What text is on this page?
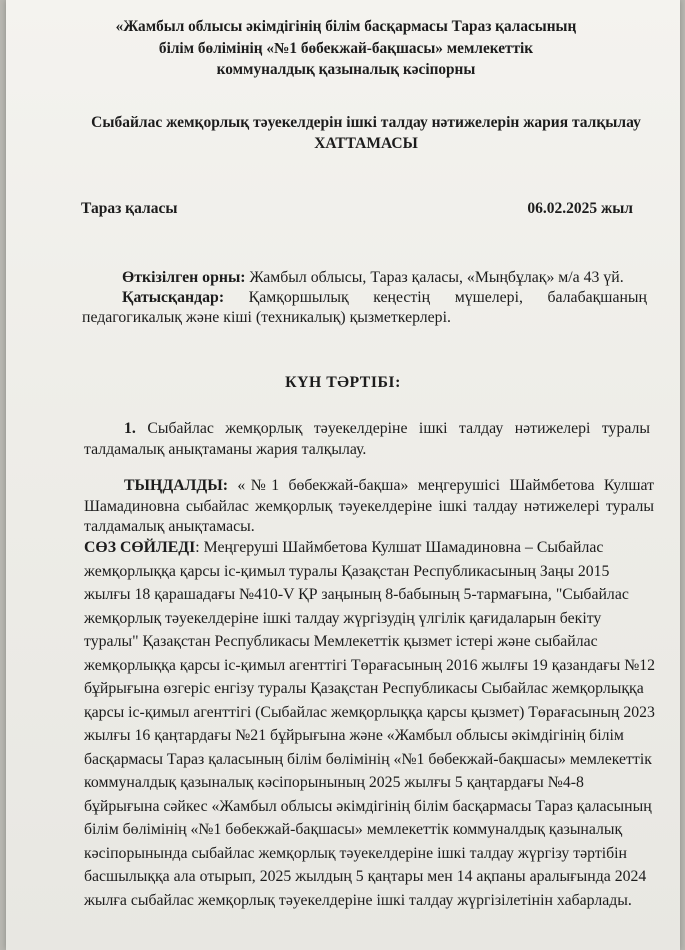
«Жамбыл облысы әкімдігінің білім басқармасы Тараз қаласының
білім бөлімінің «№1 бөбекжай-бақшасы» мемлекеттік
коммуналдық қазыналық кәсіпорны
Сыбайлас жемқорлық тәуекелдерін ішкі талдау нәтижелерін жария талқылау
ХАТТАМАСЫ
Тараз қаласы	06.02.2025 жыл

Өткізілген орны: Жамбыл облысы, Тараз қаласы, «Мыңбұлақ» м/а 43 үй.

Қатысқандар: Қамқоршылық кеңестің мүшелері, балабақшаның педагогикалық және кіші (техникалық) қызметкерлері.

КҮН ТӘРТІБІ:

1. Сыбайлас жемқорлық тәуекелдеріне ішкі талдау нәтижелері туралы талдамалық анықтаманы жария талқылау.

ТЫҢДАЛДЫ: «№1 бөбекжай-бақша» меңгерушісі Шаймбетова Кулшат Шамадиновна сыбайлас жемқорлық тәуекелдеріне ішкі талдау нәтижелері туралы талдамалық анықтамасы.

СӨЗ СӨЙЛЕДІ: Меңгеруші Шаймбетова Кулшат Шамадиновна – Сыбайлас
жемқорлыққа қарсы іс-қимыл туралы Қазақстан Республикасының Заңы 2015
жылғы 18 қарашадағы №410-V ҚР заңының 8-бабының 5-тармағына, "Сыбайлас
жемқорлық тәуекелдеріне ішкі талдау жүргізудің үлгілік қағидаларын бекіту
туралы" Қазақстан Республикасы Мемлекеттік қызмет істері және сыбайлас
жемқорлыққа қарсы іс-қимыл агенттігі Төрағасының 2016 жылғы 19 қазандағы №12
бұйрығына өзгеріс енгізу туралы Қазақстан Республикасы Сыбайлас жемқорлыққа
қарсы іс-қимыл агенттігі (Сыбайлас жемқорлыққа қарсы қызмет) Төрағасының 2023
жылғы 16 қаңтардағы №21 бұйрығына және «Жамбыл облысы әкімдігінің білім
басқармасы Тараз қаласының білім бөлімінің «№1 бөбекжай-бақшасы» мемлекеттік
коммуналдық қазыналық кәсіпорынының 2025 жылғы 5 қаңтардағы №4-8
бұйрығына сәйкес «Жамбыл облысы әкімдігінің білім басқармасы Тараз қаласының
білім бөлімінің «№1 бөбекжай-бақшасы» мемлекеттік коммуналдық қазыналық
кәсіпорынында сыбайлас жемқорлық тәуекелдеріне ішкі талдау жүргізу тәртібін
басшылыққа ала отырып, 2025 жылдың 5 қаңтары мен 14 ақпаны аралығында 2024
жылға сыбайлас жемқорлық тәуекелдеріне ішкі талдау жүргізілетінін хабарлады.
